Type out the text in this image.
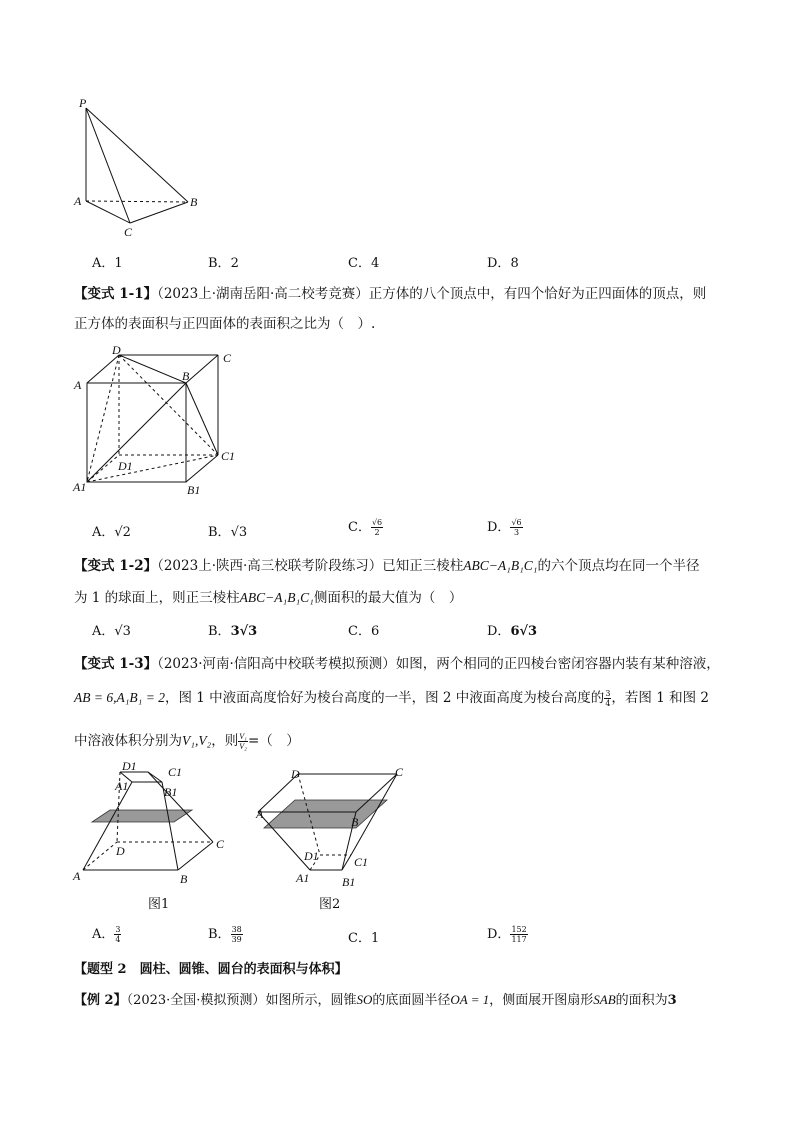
P
A	B
C
A．1	B．2	C．4	D．8
【变式 1-1】（2023上·湖南岳阳·高二校考竞赛）正方体的八个顶点中，有四个恰好为正四面体的顶点，则
正方体的表面积与正四面体的表面积之比为（　）.
D
C
A
B
D1
C1
A1	B1
A．√2	B．√3	C． $\frac{√6}{2}$	D． $\frac{√6}{3}$
【变式 1-2】（2023上·陕西·高三校联考阶段练习）已知正三棱柱ABC−A₁B₁C₁的六个顶点均在同一个半径
为 1 的球面上，则正三棱柱ABC−A₁B₁C₁侧面积的最大值为（　）
A．√3	B．3√3	C．6	D．6√3
【变式 1-3】（2023·河南·信阳高中校联考模拟预测）如图，两个相同的正四棱台密闭容器内装有某种溶液，
AB = 6,A₁B₁ = 2，图 1 中液面高度恰好为棱台高度的一半，图 2 中液面高度为棱台高度的 $\frac{3}{4}$ ，若图 1 和图 2
中溶液体积分别为V₁,V₂，则 $\frac{\text{V₁}}{\text{V₂}}$ =（　）
A1
D1	C1
B1
D	C
A	B
图1
A1
D1	C1
B1
D	C
A
B
图2
A． $\frac{3}{4}$	B． $\frac{38}{39}$	C．1	D． $\frac{152}{117}$
【题型 2　圆柱、圆锥、圆台的表面积与体积】
【例 2】（2023·全国·模拟预测）如图所示，圆锥SO的底面圆半径OA = 1，侧面展开图扇形SAB的面积为3
